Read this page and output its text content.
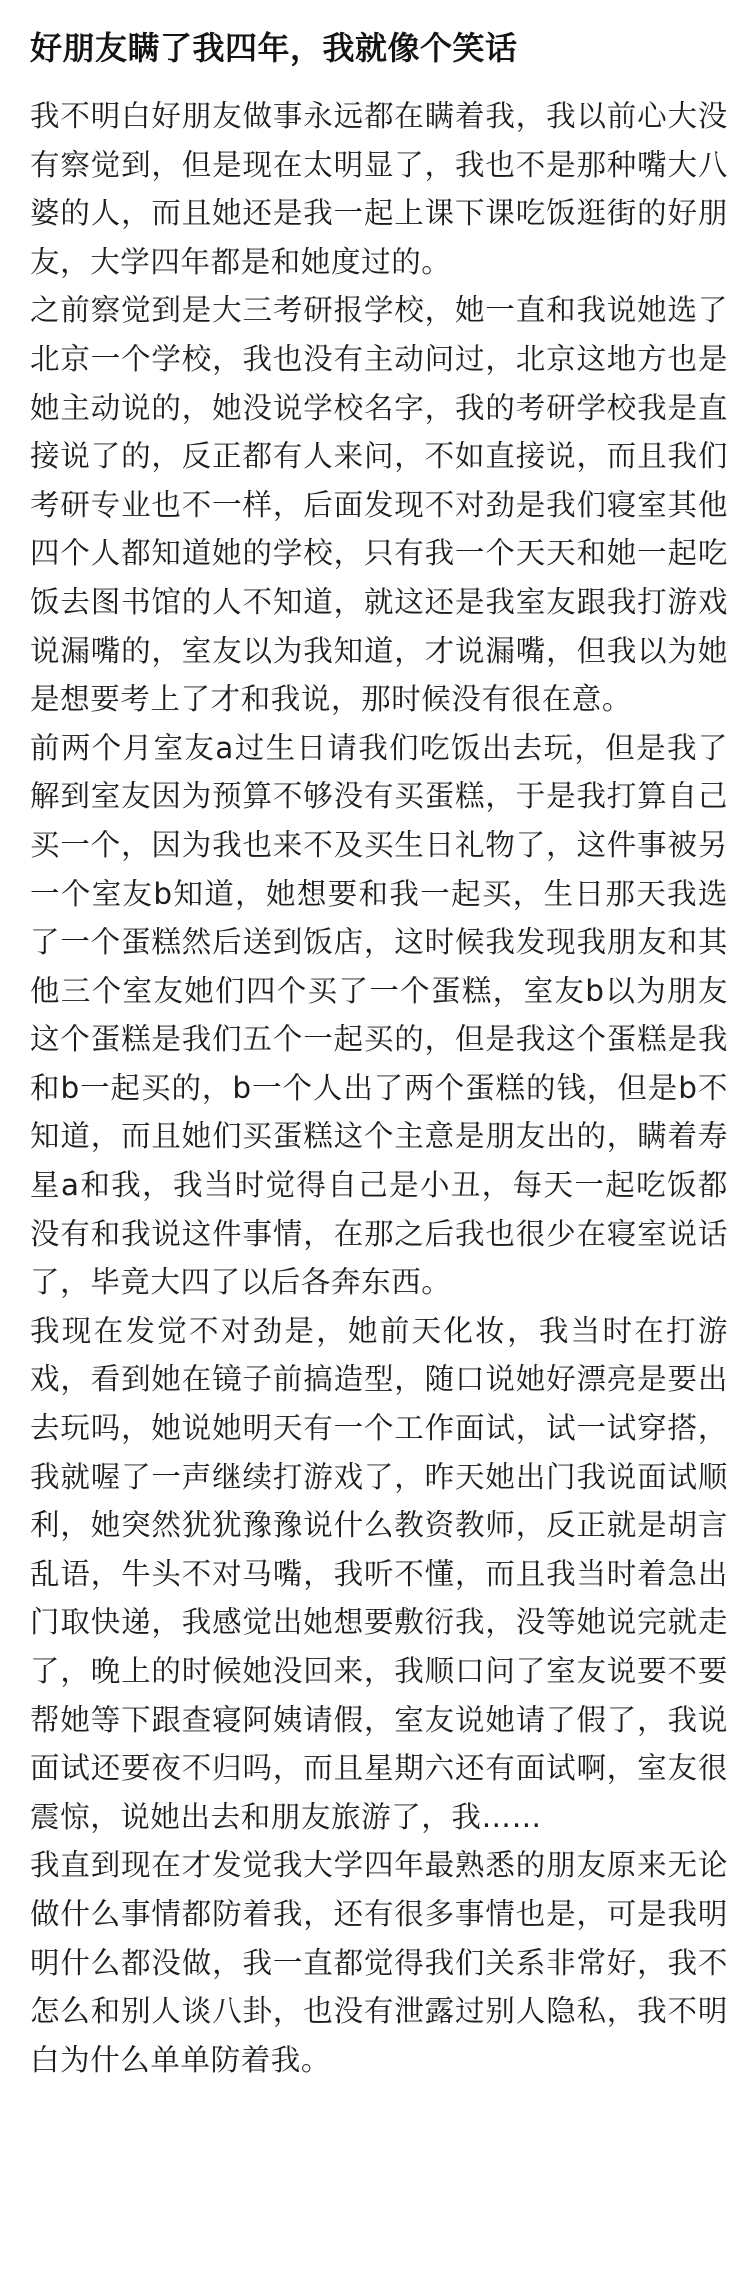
好朋友瞒了我四年，我就像个笑话

我不明白好朋友做事永远都在瞒着我，我以前心大没有察觉到，但是现在太明显了，我也不是那种嘴大八婆的人，而且她还是我一起上课下课吃饭逛街的好朋友，大学四年都是和她度过的。

之前察觉到是大三考研报学校，她一直和我说她选了北京一个学校，我也没有主动问过，北京这地方也是她主动说的，她没说学校名字，我的考研学校我是直接说了的，反正都有人来问，不如直接说，而且我们考研专业也不一样，后面发现不对劲是我们寝室其他四个人都知道她的学校，只有我一个天天和她一起吃饭去图书馆的人不知道，就这还是我室友跟我打游戏说漏嘴的，室友以为我知道，才说漏嘴，但我以为她是想要考上了才和我说，那时候没有很在意。

前两个月室友a过生日请我们吃饭出去玩，但是我了解到室友因为预算不够没有买蛋糕，于是我打算自己买一个，因为我也来不及买生日礼物了，这件事被另一个室友b知道，她想要和我一起买，生日那天我选了一个蛋糕然后送到饭店，这时候我发现我朋友和其他三个室友她们四个买了一个蛋糕，室友b以为朋友这个蛋糕是我们五个一起买的，但是我这个蛋糕是我和b一起买的，b一个人出了两个蛋糕的钱，但是b不知道，而且她们买蛋糕这个主意是朋友出的，瞒着寿星a和我，我当时觉得自己是小丑，每天一起吃饭都没有和我说这件事情，在那之后我也很少在寝室说话了，毕竟大四了以后各奔东西。

我现在发觉不对劲是，她前天化妆，我当时在打游戏，看到她在镜子前搞造型，随口说她好漂亮是要出去玩吗，她说她明天有一个工作面试，试一试穿搭，我就喔了一声继续打游戏了，昨天她出门我说面试顺利，她突然犹犹豫豫说什么教资教师，反正就是胡言乱语，牛头不对马嘴，我听不懂，而且我当时着急出门取快递，我感觉出她想要敷衍我，没等她说完就走了，晚上的时候她没回来，我顺口问了室友说要不要帮她等下跟查寝阿姨请假，室友说她请了假了，我说面试还要夜不归吗，而且星期六还有面试啊，室友很震惊，说她出去和朋友旅游了，我……

我直到现在才发觉我大学四年最熟悉的朋友原来无论做什么事情都防着我，还有很多事情也是，可是我明明什么都没做，我一直都觉得我们关系非常好，我不怎么和别人谈八卦，也没有泄露过别人隐私，我不明白为什么单单防着我。
